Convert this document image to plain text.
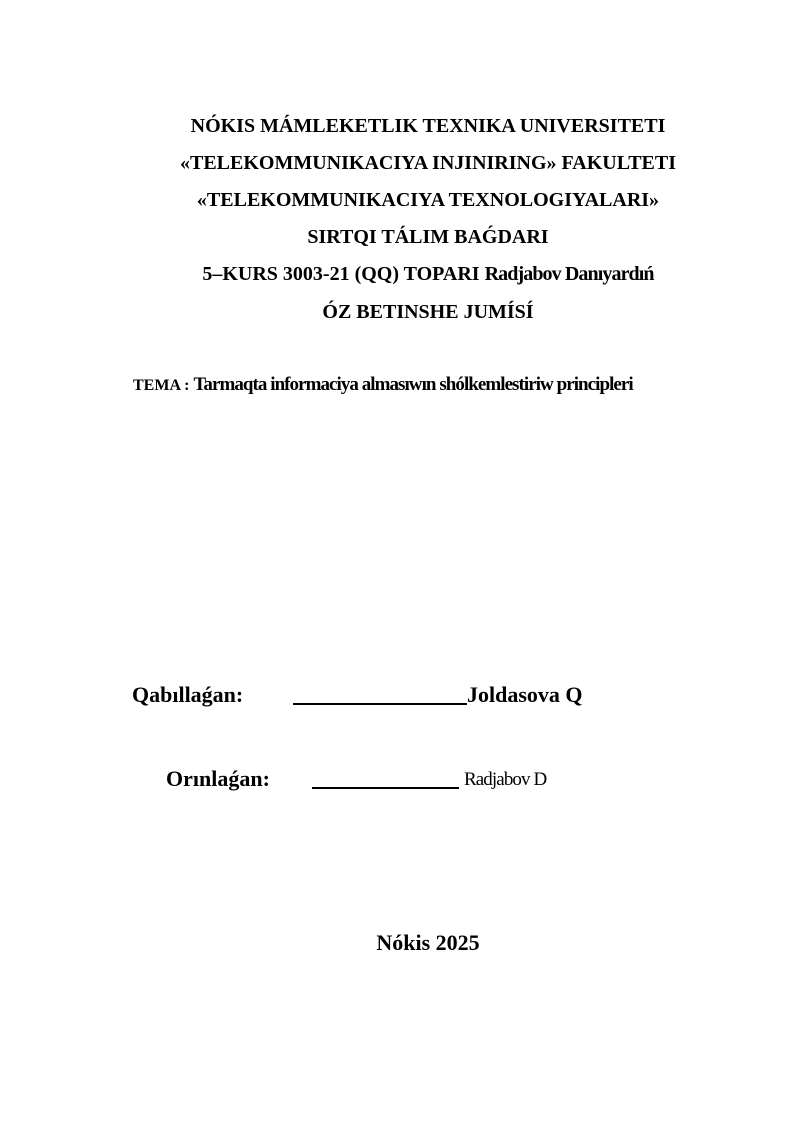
NÓKIS MÁMLEKETLIK TEXNIKA UNIVERSITETI
«TELEKOMMUNIKACIYA INJINIRING» FAKULTETI
«TELEKOMMUNIKACIYA TEXNOLOGIYALARI»
SIRTQI TÁLIM BAǴDARI
5–KURS 3003-21 (QQ) TOPARI Radjabov Danıyardıń
ÓZ BETINSHE JUMÍSÍ
TEMA : Tarmaqta informaciya almasıwın shólkemlestiriw principleri
Qabıllaǵan:	Joldasova Q
Orınlaǵan:	Radjabov D
Nókis 2025
